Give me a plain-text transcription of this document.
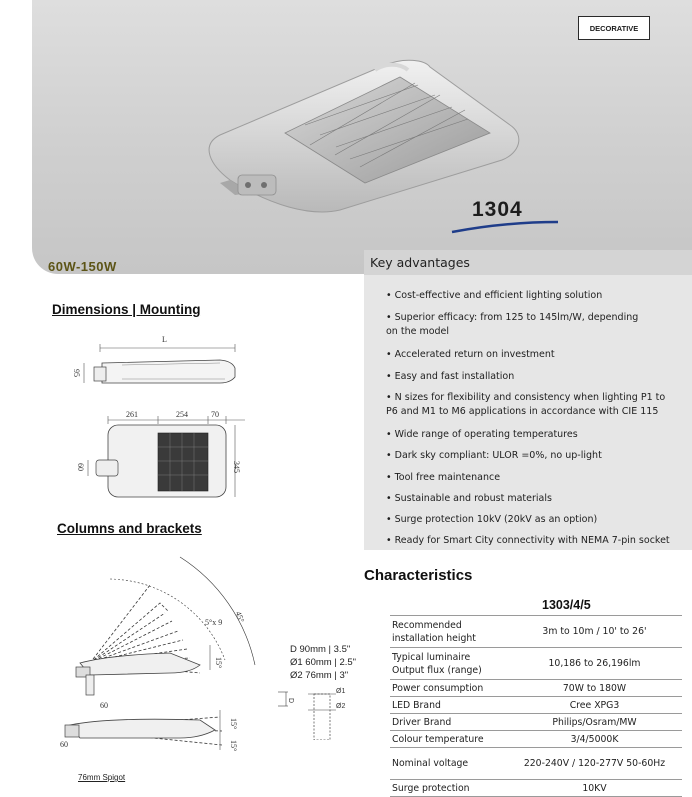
DECORATIVE
1304
60W-150W	Key advantages
• Cost-effective and efficient lighting solution
• Superior efficacy: from 125 to 145lm/W, depending
on the model
• Accelerated return on investment
• Easy and fast installation
• N sizes for flexibility and consistency when lighting P1 to
P6 and M1 to M6 applications in accordance with CIE 115
• Wide range of operating temperatures
• Dark sky compliant: ULOR =0%, no up-light
• Tool free maintenance
• Sustainable and robust materials
• Surge protection 10kV (20kV as an option)
• Ready for Smart City connectivity with NEMA 7-pin socket
Dimensions | Mounting
L
95
261	254	70
345
60
Columns and brackets
45°
5°x 9
15°
60
60
15°
15°
76mm Spigot
D 90mm | 3.5"
Ø1 60mm | 2.5"
Ø2 76mm | 3"
Ø1
Ø2
D
Characteristics
1303/4/5
Recommended installation height	3m to 10m / 10' to 26'
Typical luminaire Output flux (range)	10,186 to 26,196lm
Power consumption	70W to 180W
LED Brand	Cree XPG3
Driver Brand	Philips/Osram/MW
Colour temperature	3/4/5000K
Nominal voltage	220-240V / 120-277V 50-60Hz
Surge protection	10KV
